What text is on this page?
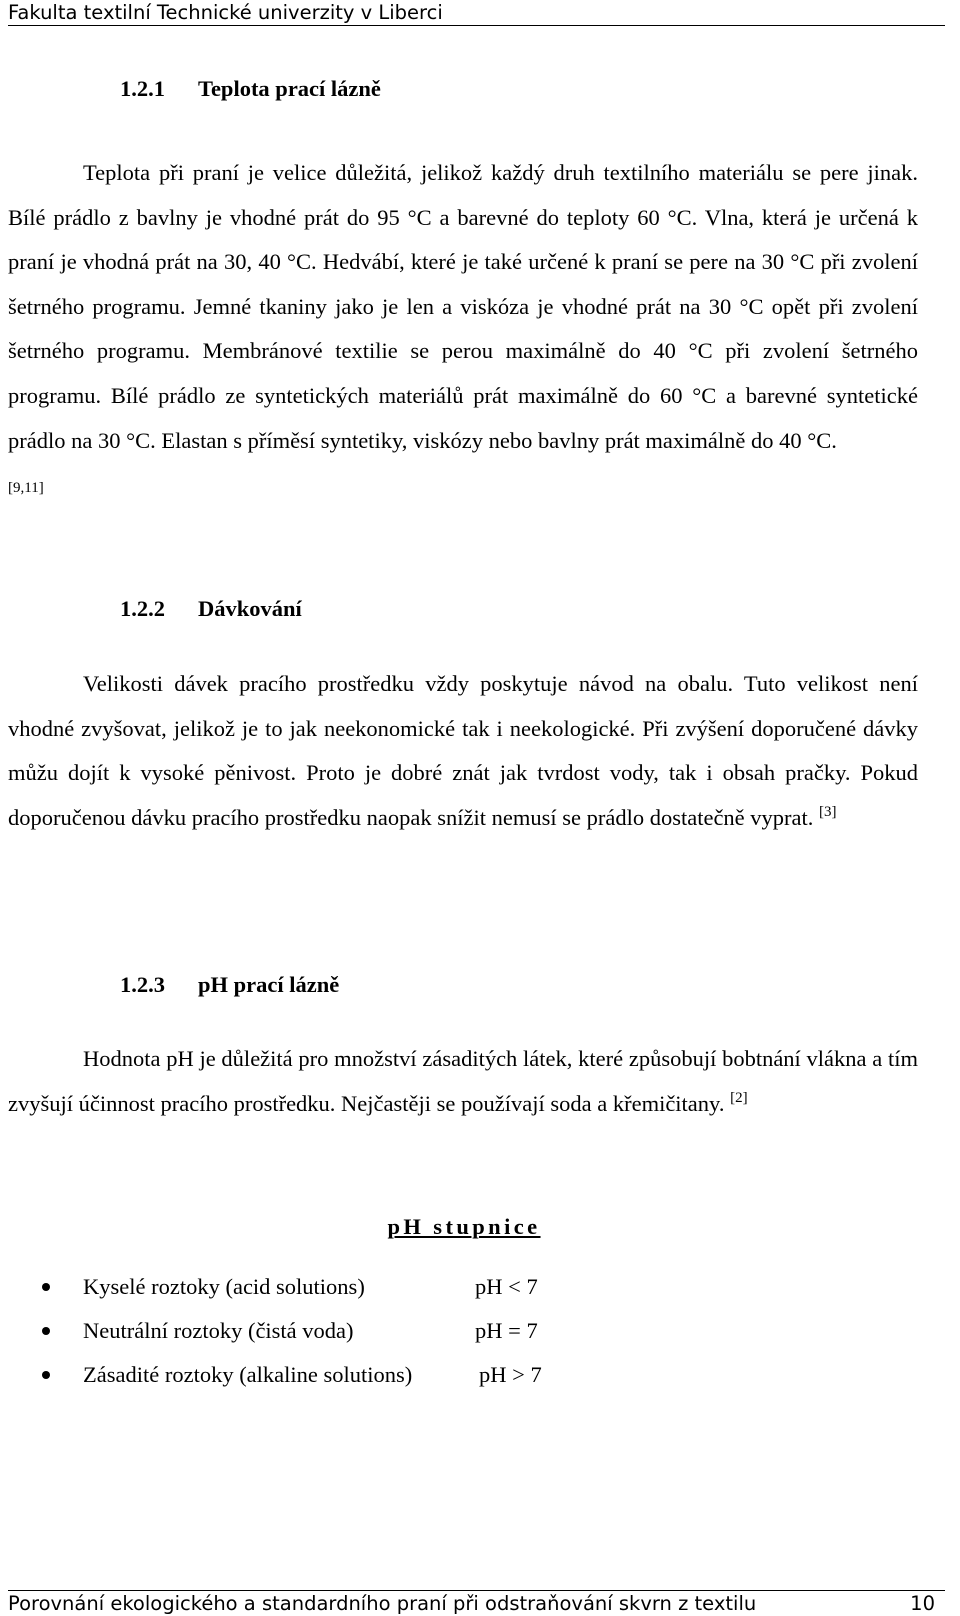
Fakulta textilní Technické univerzity v Liberci
1.2.1 Teplota prací lázně

Teplota při praní je velice důležitá, jelikož každý druh textilního materiálu se pere jinak. Bílé prádlo z bavlny je vhodné prát do 95 °C a barevné do teploty 60 °C. Vlna, která je určená k praní je vhodná prát na 30, 40 °C. Hedvábí, které je také určené k praní se pere na 30 °C při zvolení šetrného programu. Jemné tkaniny jako je len a viskóza je vhodné prát na 30 °C opět při zvolení šetrného programu. Membránové textilie se perou maximálně do 40 °C při zvolení šetrného programu. Bílé prádlo ze syntetických materiálů prát maximálně do 60 °C a barevné syntetické prádlo na 30 °C. Elastan s příměsí syntetiky, viskózy nebo bavlny prát maximálně do 40 °C.
[9,11]

1.2.2 Dávkování

Velikosti dávek pracího prostředku vždy poskytuje návod na obalu. Tuto velikost není vhodné zvyšovat, jelikož je to jak neekonomické tak i neekologické. Při zvýšení doporučené dávky můžu dojít k vysoké pěnivost. Proto je dobré znát jak tvrdost vody, tak i obsah pračky. Pokud doporučenou dávku pracího prostředku naopak snížit nemusí se prádlo dostatečně vyprat. [3]

1.2.3 pH prací lázně

Hodnota pH je důležitá pro množství zásaditých látek, které způsobují bobtnání vlákna a tím zvyšují účinnost pracího prostředku. Nejčastěji se používají soda a křemičitany. [2]

pH stupnice
Kyselé roztoky (acid solutions)	pH < 7
Neutrální roztoky (čistá voda)	pH = 7
Zásadité roztoky (alkaline solutions)	pH > 7
Porovnání ekologického a standardního praní při odstraňování skvrn z textilu	10
